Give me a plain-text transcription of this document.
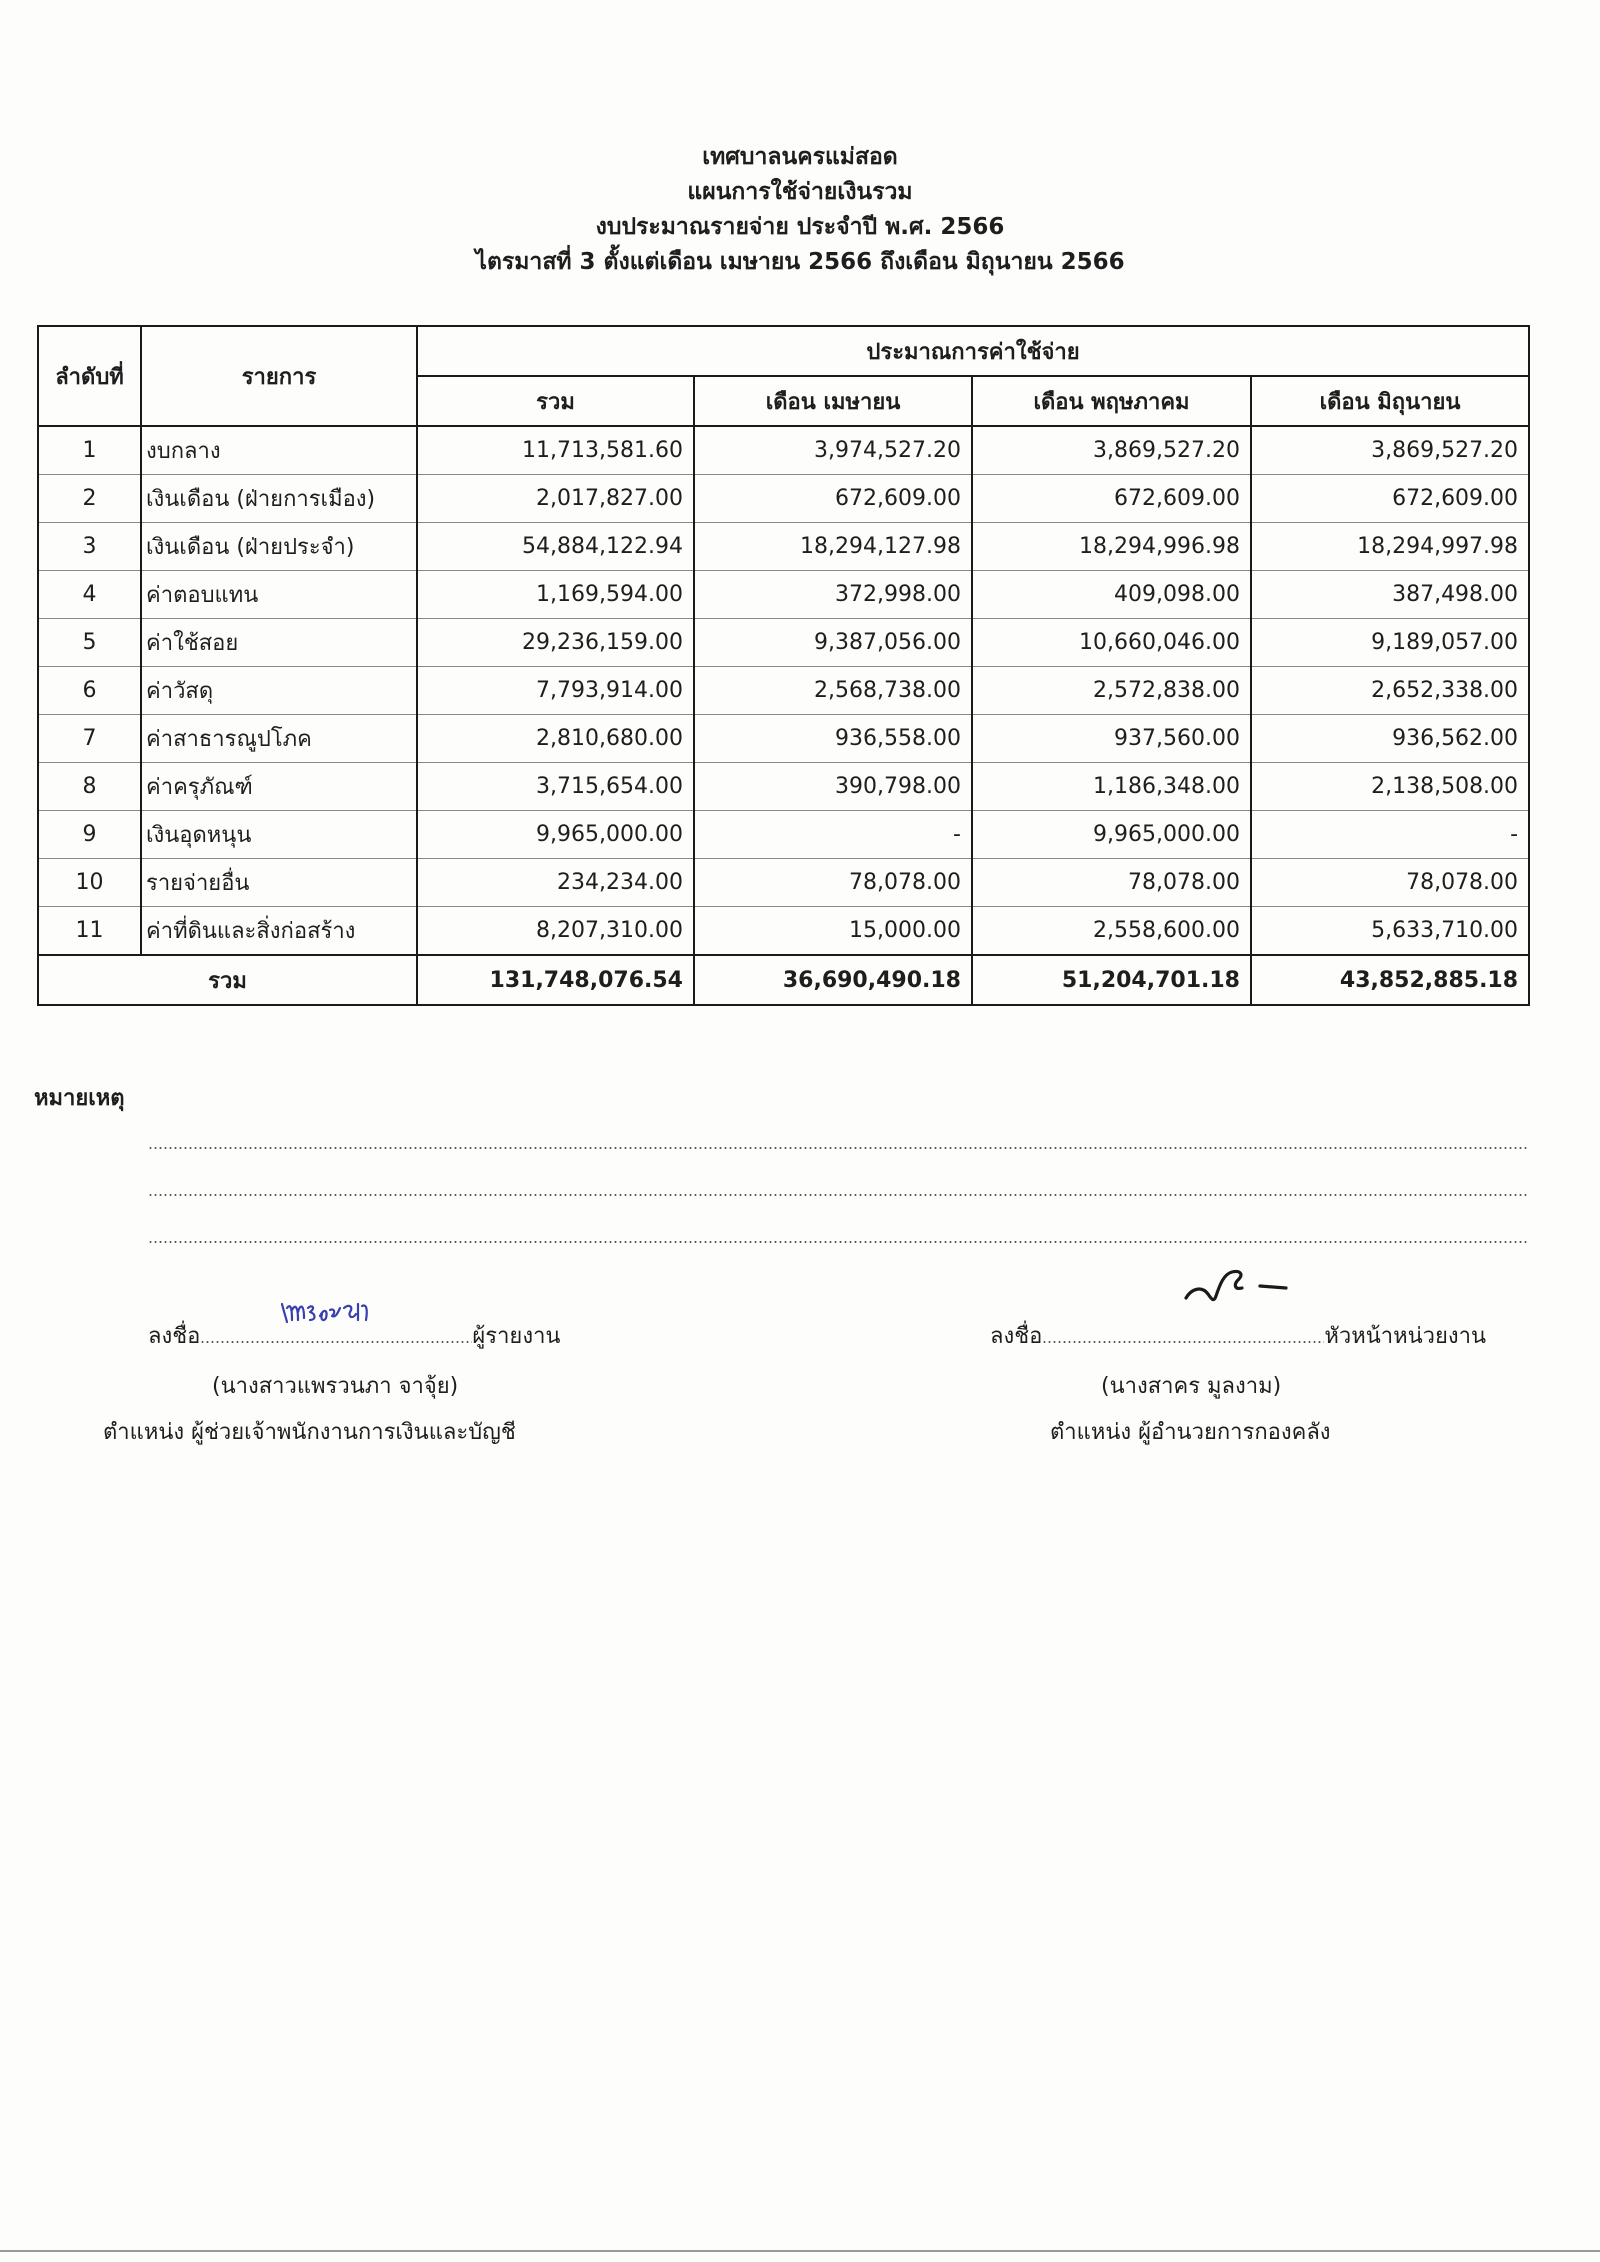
เทศบาลนครแม่สอด
แผนการใช้จ่ายเงินรวม
งบประมาณรายจ่าย ประจำปี พ.ศ. 2566
ไตรมาสที่ 3 ตั้งแต่เดือน เมษายน 2566 ถึงเดือน มิถุนายน 2566
ลำดับที่	รายการ	ประมาณการค่าใช้จ่าย			
		รวม	เดือน เมษายน	เดือน พฤษภาคม	เดือน มิถุนายน
1	งบกลาง	11,713,581.60	3,974,527.20	3,869,527.20	3,869,527.20
2	เงินเดือน (ฝ่ายการเมือง)	2,017,827.00	672,609.00	672,609.00	672,609.00
3	เงินเดือน (ฝ่ายประจำ)	54,884,122.94	18,294,127.98	18,294,996.98	18,294,997.98
4	ค่าตอบแทน	1,169,594.00	372,998.00	409,098.00	387,498.00
5	ค่าใช้สอย	29,236,159.00	9,387,056.00	10,660,046.00	9,189,057.00
6	ค่าวัสดุ	7,793,914.00	2,568,738.00	2,572,838.00	2,652,338.00
7	ค่าสาธารณูปโภค	2,810,680.00	936,558.00	937,560.00	936,562.00
8	ค่าครุภัณฑ์	3,715,654.00	390,798.00	1,186,348.00	2,138,508.00
9	เงินอุดหนุน	9,965,000.00	-	9,965,000.00	-
10	รายจ่ายอื่น	234,234.00	78,078.00	78,078.00	78,078.00
11	ค่าที่ดินและสิ่งก่อสร้าง	8,207,310.00	15,000.00	2,558,600.00	5,633,710.00
รวม		131,748,076.54	36,690,490.18	51,204,701.18	43,852,885.18
หมายเหตุ
ลงชื่อ	ผู้รายงาน
(นางสาวแพรวนภา จาจุ้ย)
ตำแหน่ง ผู้ช่วยเจ้าพนักงานการเงินและบัญชี
ลงชื่อ	หัวหน้าหน่วยงาน
(นางสาคร มูลงาม)
ตำแหน่ง ผู้อำนวยการกองคลัง
